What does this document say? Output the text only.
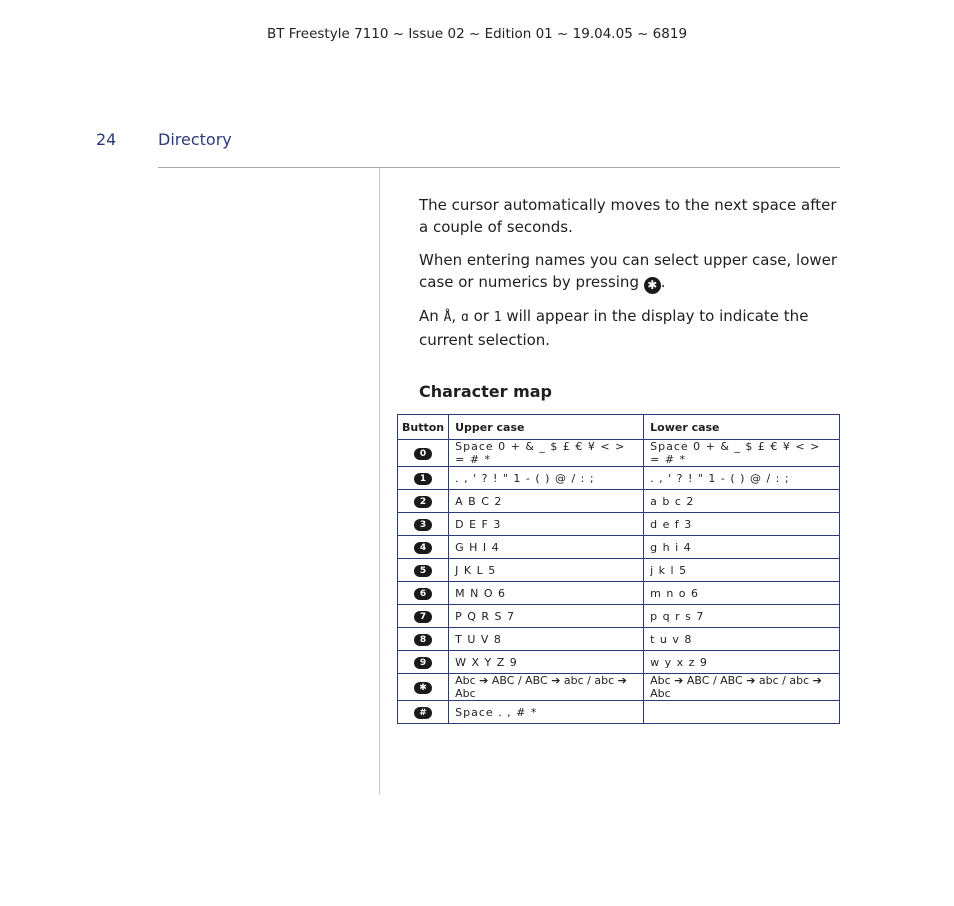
BT Freestyle 7110 ~ Issue 02 ~ Edition 01 ~ 19.04.05 ~ 6819
24	Directory

The cursor automatically moves to the next space after a couple of seconds.

When entering names you can select upper case, lower case or numerics by pressing ✱ .

An Å, ɑ or 1 will appear in the display to indicate the current selection.

Character map
Button	Upper case	Lower case
0	Space 0 + & _ $ £ € ¥ < > = # *	Space 0 + & _ $ £ € ¥ < > = # *
1	. , ' ? ! " 1 - ( ) @ / : ;	. , ' ? ! " 1 - ( ) @ / : ;
2	A B C 2	a b c 2
3	D E F 3	d e f 3
4	G H I 4	g h i 4
5	J K L 5	j k l 5
6	M N O 6	m n o 6
7	P Q R S 7	p q r s 7
8	T U V 8	t u v 8
9	W X Y Z 9	w y x z 9
✱	Abc ➔ ABC / ABC ➔ abc / abc ➔ Abc	Abc ➔ ABC / ABC ➔ abc / abc ➔ Abc
#	Space . , # *	
